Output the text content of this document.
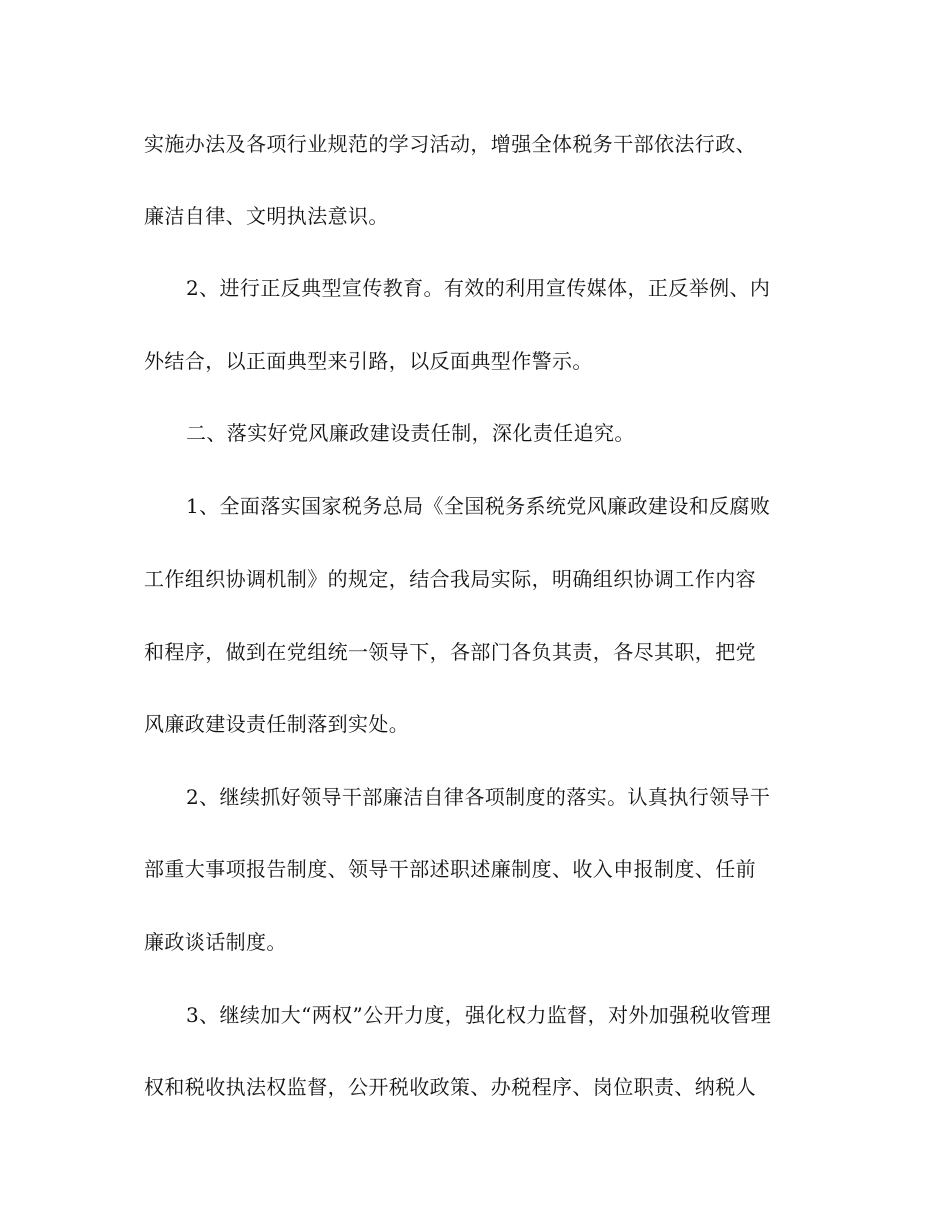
实施办法及各项行业规范的学习活动，增强全体税务干部依法行政、
廉洁自律、文明执法意识。
2、进行正反典型宣传教育。有效的利用宣传媒体，正反举例、内
外结合，以正面典型来引路，以反面典型作警示。
二、落实好党风廉政建设责任制，深化责任追究。
1、全面落实国家税务总局《全国税务系统党风廉政建设和反腐败
工作组织协调机制》的规定，结合我局实际，明确组织协调工作内容
和程序，做到在党组统一领导下，各部门各负其责，各尽其职，把党
风廉政建设责任制落到实处。
2、继续抓好领导干部廉洁自律各项制度的落实。认真执行领导干
部重大事项报告制度、领导干部述职述廉制度、收入申报制度、任前
廉政谈话制度。
3、继续加大“两权”公开力度，强化权力监督，对外加强税收管理
权和税收执法权监督，公开税收政策、办税程序、岗位职责、纳税人
